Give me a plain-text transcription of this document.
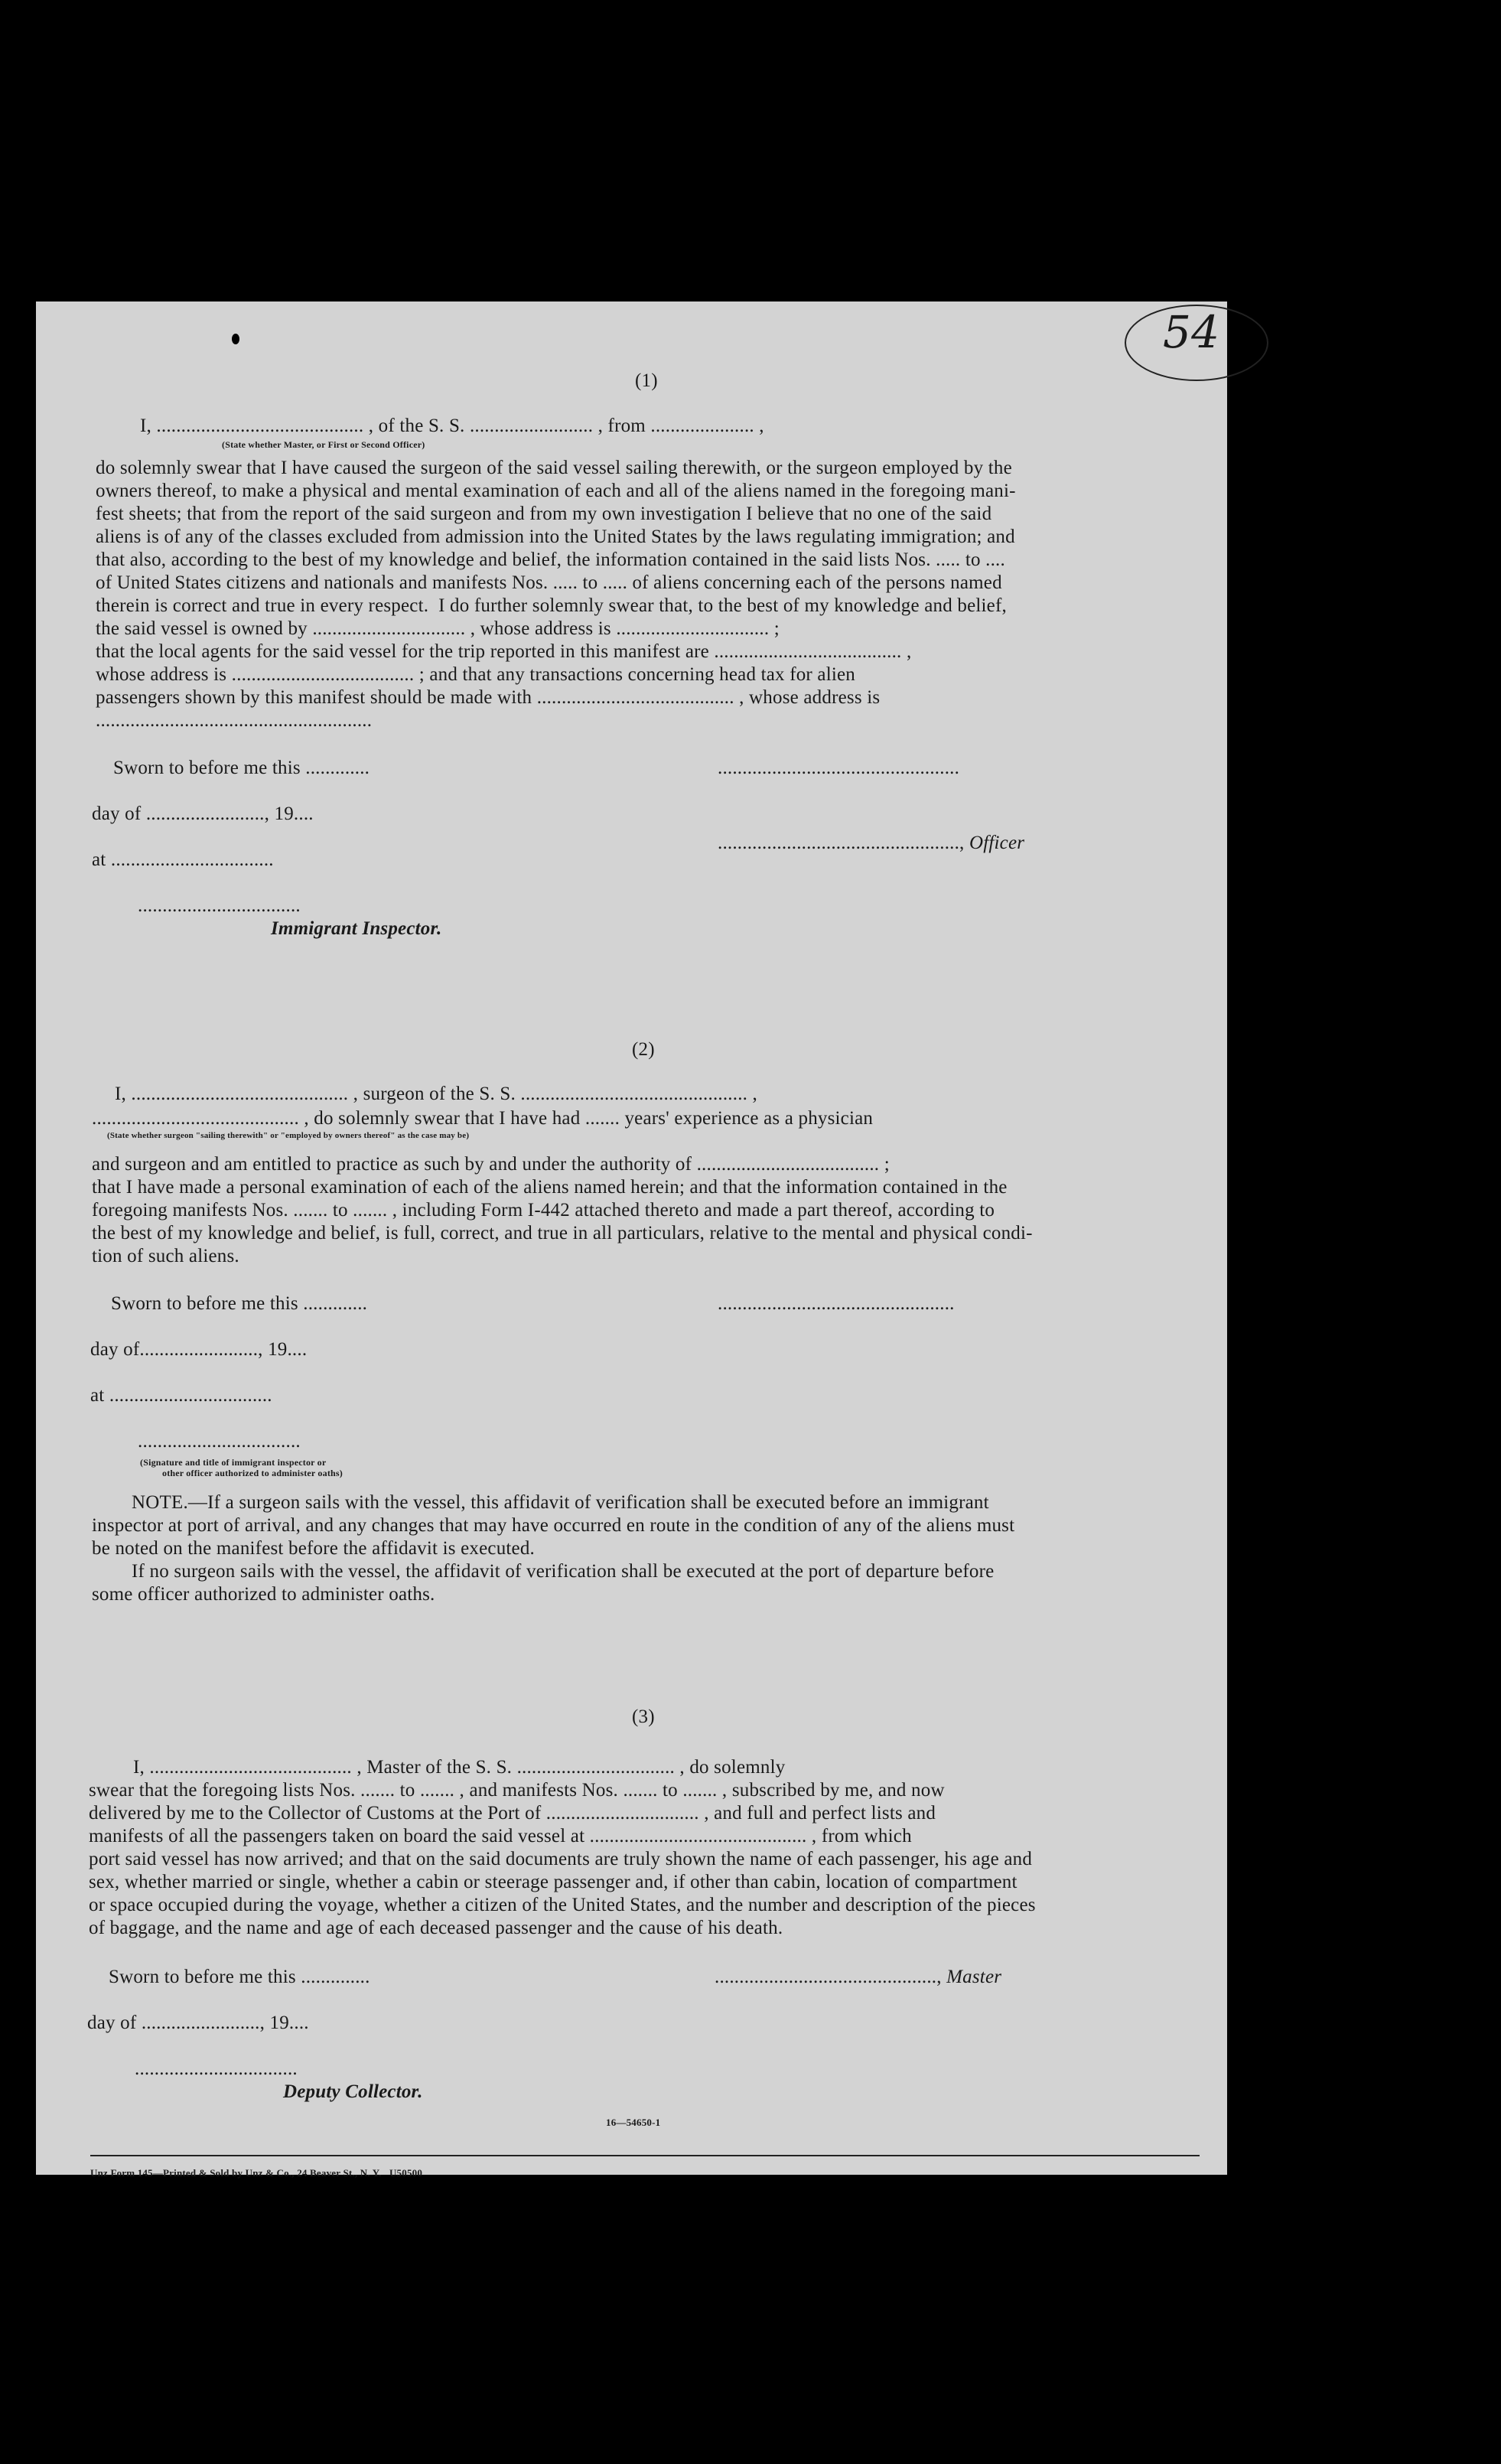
54
(1)
I, .......................................... , of the S. S. ......................... , from ..................... ,
(State whether Master, or First or Second Officer)
do solemnly swear that I have caused the surgeon of the said vessel sailing therewith, or the surgeon employed by the
owners thereof, to make a physical and mental examination of each and all of the aliens named in the foregoing mani-
fest sheets; that from the report of the said surgeon and from my own investigation I believe that no one of the said
aliens is of any of the classes excluded from admission into the United States by the laws regulating immigration; and
that also, according to the best of my knowledge and belief, the information contained in the said lists Nos. ..... to ....
of United States citizens and nationals and manifests Nos. ..... to ..... of aliens concerning each of the persons named
therein is correct and true in every respect.  I do further solemnly swear that, to the best of my knowledge and belief,
the said vessel is owned by ............................... , whose address is ............................... ;
that the local agents for the said vessel for the trip reported in this manifest are ...................................... ,
whose address is ..................................... ; and that any transactions concerning head tax for alien
passengers shown by this manifest should be made with ........................................ , whose address is
........................................................
Sworn to before me this .............
day of ........................, 19....
at .................................
.................................
Immigrant Inspector.
.................................................
................................................., Officer
(2)
I, ............................................ , surgeon of the S. S. .............................................. ,
.......................................... , do solemnly swear that I have had ....... years' experience as a physician
(State whether surgeon "sailing therewith" or "employed by owners thereof" as the case may be)
and surgeon and am entitled to practice as such by and under the authority of ..................................... ;
that I have made a personal examination of each of the aliens named herein; and that the information contained in the
foregoing manifests Nos. ....... to ....... , including Form I-442 attached thereto and made a part thereof, according to
the best of my knowledge and belief, is full, correct, and true in all particulars, relative to the mental and physical condi-
tion of such aliens.
Sworn to before me this .............
day of........................, 19....
at .................................
.................................
(Signature and title of immigrant inspector or
other officer authorized to administer oaths)
................................................
NOTE.—If a surgeon sails with the vessel, this affidavit of verification shall be executed before an immigrant
inspector at port of arrival, and any changes that may have occurred en route in the condition of any of the aliens must
be noted on the manifest before the affidavit is executed.
If no surgeon sails with the vessel, the affidavit of verification shall be executed at the port of departure before
some officer authorized to administer oaths.
(3)
I, ......................................... , Master of the S. S. ................................ , do solemnly
swear that the foregoing lists Nos. ....... to ....... , and manifests Nos. ....... to ....... , subscribed by me, and now
delivered by me to the Collector of Customs at the Port of ............................... , and full and perfect lists and
manifests of all the passengers taken on board the said vessel at ............................................ , from which
port said vessel has now arrived; and that on the said documents are truly shown the name of each passenger, his age and
sex, whether married or single, whether a cabin or steerage passenger and, if other than cabin, location of compartment
or space occupied during the voyage, whether a citizen of the United States, and the number and description of the pieces
of baggage, and the name and age of each deceased passenger and the cause of his death.
Sworn to before me this ..............
day of ........................, 19....
.................................
Deputy Collector.
............................................., Master
16—54650-1
Unz Form 145—Printed & Sold by Unz & Co., 24 Beaver St., N. Y.   U50500
